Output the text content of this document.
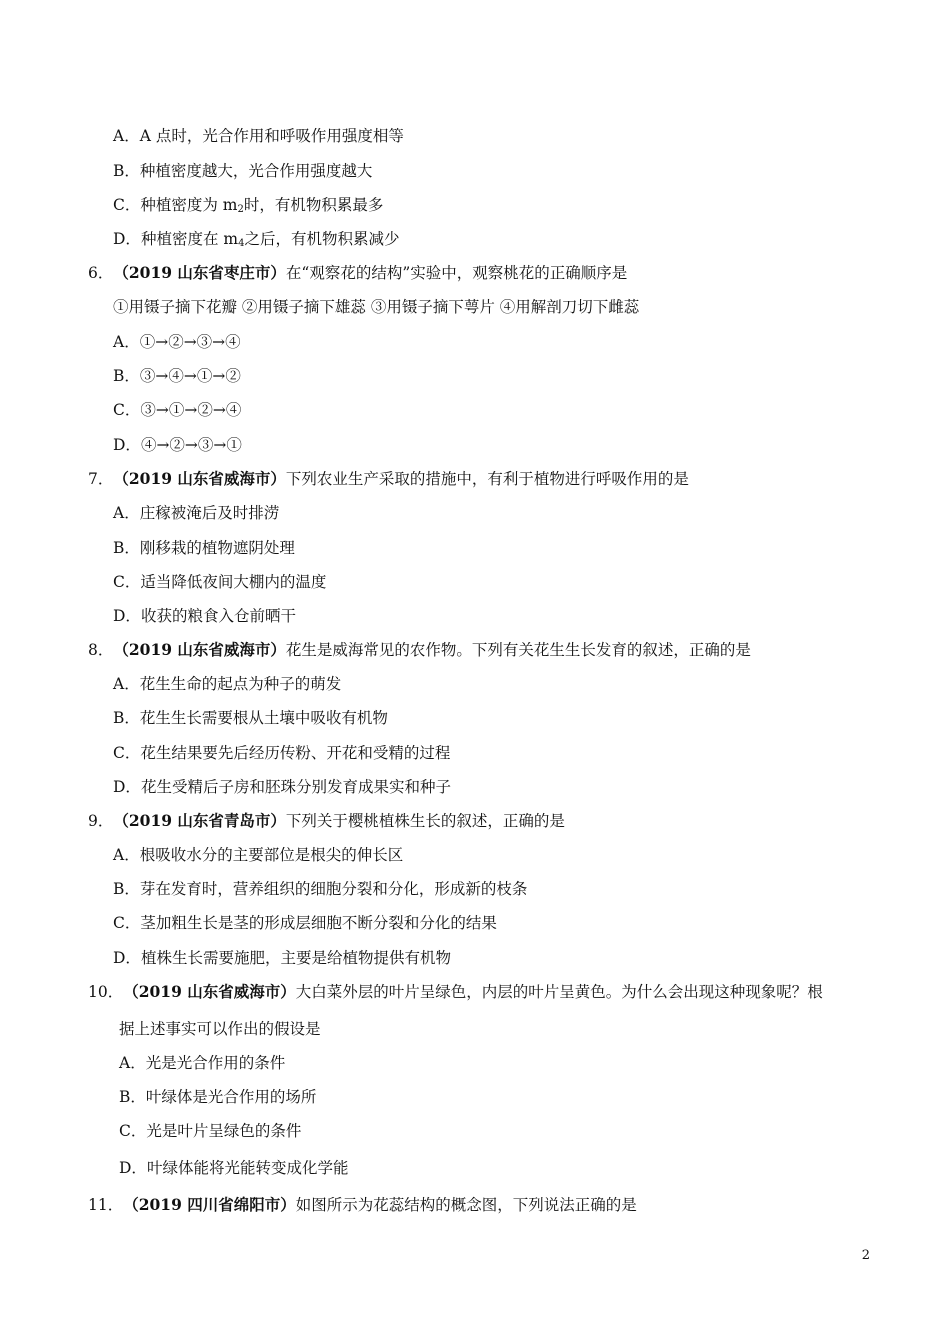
A．A 点时，光合作用和呼吸作用强度相等
B．种植密度越大，光合作用强度越大
C．种植密度为 $m_2$时，有机物积累最多
D．种植密度在 $m_4$之后，有机物积累减少
6．（2019 山东省枣庄市）在“观察花的结构”实验中，观察桃花的正确顺序是
①用镊子摘下花瓣 ②用镊子摘下雄蕊 ③用镊子摘下萼片 ④用解剖刀切下雌蕊
A．①→②→③→④
B．③→④→①→②
C．③→①→②→④
D．④→②→③→①
7．（2019 山东省威海市）下列农业生产采取的措施中，有利于植物进行呼吸作用的是
A．庄稼被淹后及时排涝
B．刚移栽的植物遮阴处理
C．适当降低夜间大棚内的温度
D．收获的粮食入仓前晒干
8．（2019 山东省威海市）花生是威海常见的农作物。下列有关花生生长发育的叙述，正确的是
A．花生生命的起点为种子的萌发
B．花生生长需要根从土壤中吸收有机物
C．花生结果要先后经历传粉、开花和受精的过程
D．花生受精后子房和胚珠分别发育成果实和种子
9．（2019 山东省青岛市）下列关于樱桃植株生长的叙述，正确的是
A．根吸收水分的主要部位是根尖的伸长区
B．芽在发育时，营养组织的细胞分裂和分化，形成新的枝条
C．茎加粗生长是茎的形成层细胞不断分裂和分化的结果
D．植株生长需要施肥，主要是给植物提供有机物
10．（2019 山东省威海市）大白菜外层的叶片呈绿色，内层的叶片呈黄色。为什么会出现这种现象呢？根
据上述事实可以作出的假设是
A．光是光合作用的条件
B．叶绿体是光合作用的场所
C．光是叶片呈绿色的条件
D．叶绿体能将光能转变成化学能
11．（2019 四川省绵阳市）如图所示为花蕊结构的概念图，下列说法正确的是
2
